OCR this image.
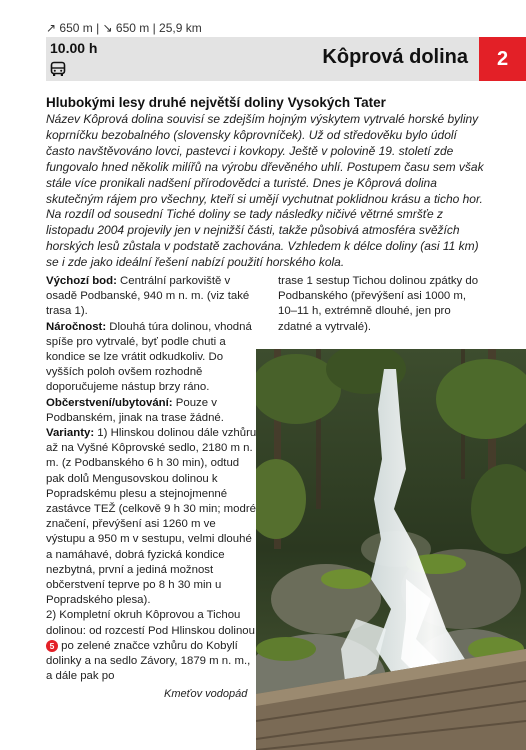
↗ 650 m | ↘ 650 m | 25,9 km
10.00 h	Kôprová dolina	2
Hlubokými lesy druhé největší doliny Vysokých Tater
Název Kôprová dolina souvisí se zdejším hojným výskytem vytrvalé horské byliny koprníčku bezobalného (slovensky kôprovníček). Už od středověku bylo údolí často navštěvováno lovci, pastevci i kovkopy. Ještě v polovině 19. století zde fungovalo hned několik milířů na výrobu dřevěného uhlí. Postupem času sem však stále více pronikali nadšení přírodovědci a turisté. Dnes je Kôprová dolina skutečným rájem pro všechny, kteří si umějí vychutnat poklidnou krásu a ticho hor. Na rozdíl od sousední Tiché doliny se tady následky ničivé větrné smršťe z listopadu 2004 projevily jen v nejnižší části, takže působivá atmosféra svěžích horských lesů zůstala v podstatě zachována. Vzhledem k délce doliny (asi 11 km) se i zde jako ideální řešení nabízí použití horského kola.
Výchozí bod: Centrální parkoviště v osadě Podbanské, 940 m n. m. (viz také trasa 1).
Náročnost: Dlouhá túra dolinou, vhodná spíše pro vytrvalé, byť podle chuti a kondice se lze vrátit odkudkoliv. Do vyšších poloh ovšem rozhodně doporučujeme nástup brzy ráno.
Občerstvení/ubytování: Pouze v Podbanském, jinak na trase žádné.
Varianty: 1) Hlinskou dolinou dále vzhůru až na Vyšné Kôprovské sedlo, 2180 m n. m. (z Podbanského 6 h 30 min), odtud pak dolů Mengusovskou dolinou k Popradskému plesu a stejnojmenné zastávce TEŽ (celkově 9 h 30 min; modré značení, převýšení asi 1260 m ve výstupu a 950 m v sestupu, velmi dlouhé a namáhavé, dobrá fyzická kondice nezbytná, první a jediná možnost občerstvení teprve po 8 h 30 min u Popradského plesa).
2) Kompletní okruh Kôprovou a Tichou dolinou: od rozcestí Pod Hlinskou dolinou 5 po zelené značce vzhůru do Kobylí dolinky a na sedlo Závory, 1879 m n. m., a dále pak po
trase 1 sestup Tichou dolinou zpátky do Podbanského (převýšení asi 1000 m, 10–11 h, extrémně dlouhé, jen pro zdatné a vytrvalé).
Kmeťov vodopád
